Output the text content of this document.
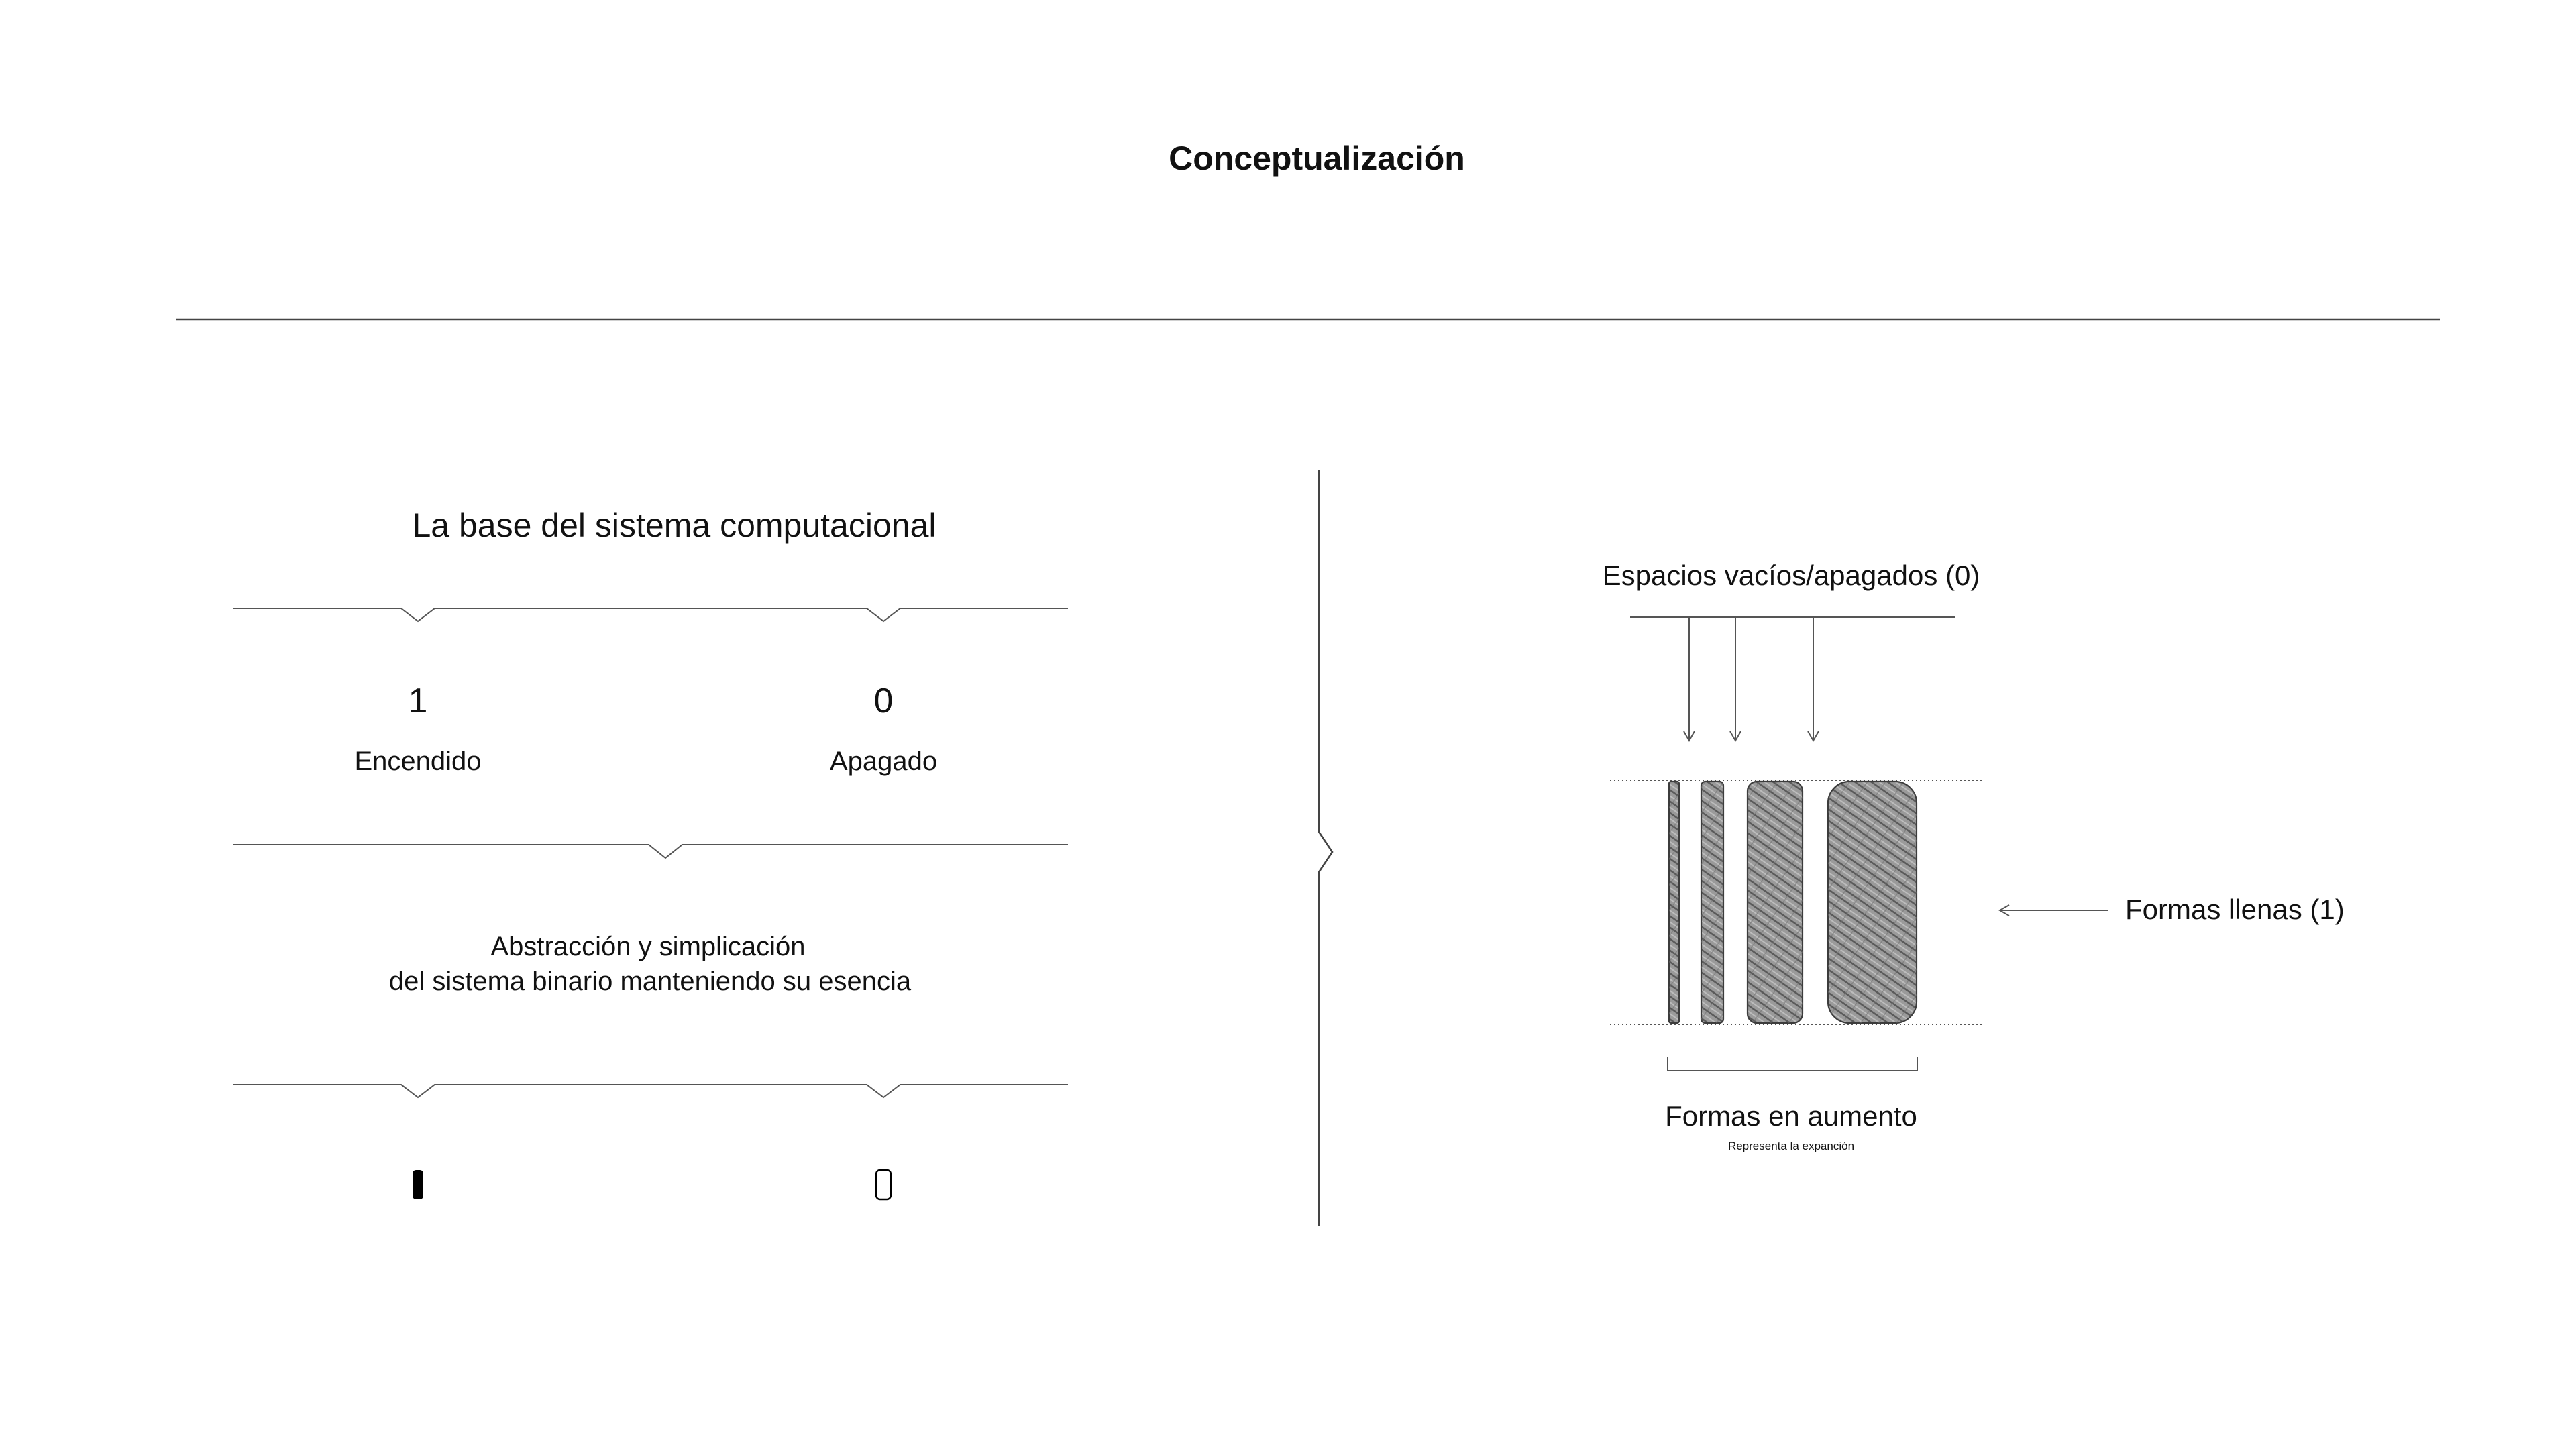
Conceptualización
La base del sistema computacional
1
Encendido
0
Apagado
Abstracción y simplicación
del sistema binario manteniendo su esencia
Espacios vacíos/apagados (0)
Formas llenas (1)
Formas en aumento
Representa la expanción
